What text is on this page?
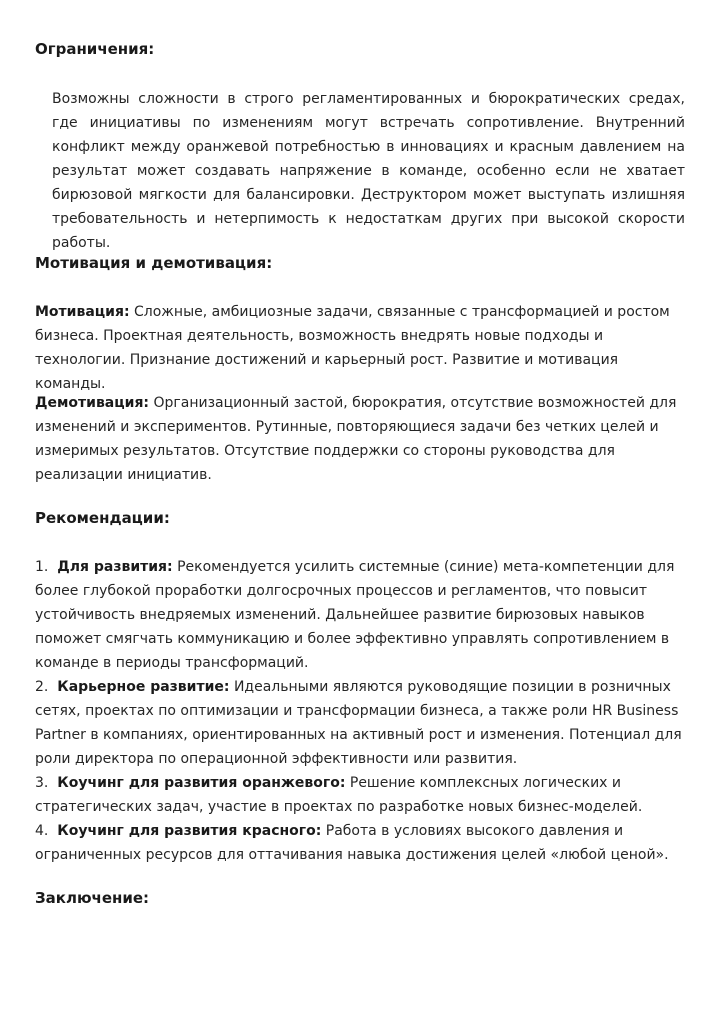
Ограничения:

Возможны сложности в строго регламентированных и бюрократических средах, где инициативы по изменениям могут встречать сопротивление. Внутренний конфликт между оранжевой потребностью в инновациях и красным давлением на результат может создавать напряжение в команде, особенно если не хватает бирюзовой мягкости для балансировки. Деструктором может выступать излишняя требовательность и нетерпимость к недостаткам других при высокой скорости работы.

Мотивация и демотивация:

Мотивация: Сложные, амбициозные задачи, связанные с трансформацией и ростом бизнеса. Проектная деятельность, возможность внедрять новые подходы и технологии. Признание достижений и карьерный рост. Развитие и мотивация команды.

Демотивация: Организационный застой, бюрократия, отсутствие возможностей для изменений и экспериментов. Рутинные, повторяющиеся задачи без четких целей и измеримых результатов. Отсутствие поддержки со стороны руководства для реализации инициатив.

Рекомендации:

1. Для развития: Рекомендуется усилить системные (синие) мета-компетенции для более глубокой проработки долгосрочных процессов и регламентов, что повысит устойчивость внедряемых изменений. Дальнейшее развитие бирюзовых навыков поможет смягчать коммуникацию и более эффективно управлять сопротивлением в команде в периоды трансформаций.

2. Карьерное развитие: Идеальными являются руководящие позиции в розничных сетях, проектах по оптимизации и трансформации бизнеса, а также роли HR Business Partner в компаниях, ориентированных на активный рост и изменения. Потенциал для роли директора по операционной эффективности или развития.

3. Коучинг для развития оранжевого: Решение комплексных логических и стратегических задач, участие в проектах по разработке новых бизнес-моделей.

4. Коучинг для развития красного: Работа в условиях высокого давления и ограниченных ресурсов для оттачивания навыка достижения целей «любой ценой».

Заключение:
